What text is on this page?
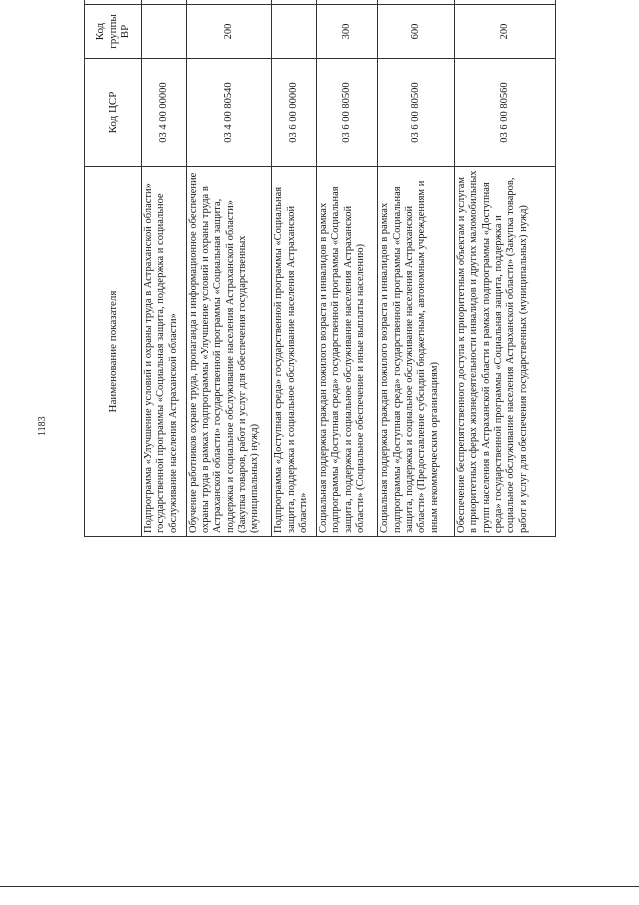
1183
Наименование показателя	Код ЦСР	Код группы ВР			
Подпрограмма «Улучшение условий и охраны труда в Астраханской области» государственной программы «Социальная защита, поддержка и социальное обслуживание населения Астраханской области»	03 4 00 00000				
Обучение работников охране труда, пропаганда и информационное обеспечение охраны труда в рамках подпрограммы «Улучшение условий и охраны труда в Астраханской области» государственной программы «Социальная защита, поддержка и социальное обслуживание населения Астраханской области» (Закупка товаров, работ и услуг для обеспечения государственных (муниципальных) нужд)	03 4 00 80540	200			
Подпрограмма «Доступная среда» государственной программы «Социальная защита, поддержка и социальное обслуживание населения Астраханской области»	03 6 00 00000				
Социальная поддержка граждан пожилого возраста и инвалидов в рамках подпрограммы «Доступная среда» государственной программы «Социальная защита, поддержка и социальное обслуживание населения Астраханской области» (Социальное обеспечение и иные выплаты населению)	03 6 00 80500	300			
Социальная поддержка граждан пожилого возраста и инвалидов в рамках подпрограммы «Доступная среда» государственной программы «Социальная защита, поддержка и социальное обслуживание населения Астраханской области» (Предоставление субсидий бюджетным, автономным учреждениям и иным некоммерческим организациям)	03 6 00 80500	600			
Обеспечение беспрепятственного доступа к приоритетным объектам и услугам в приоритетных сферах жизнедеятельности инвалидов и других маломобильных групп населения в Астраханской области в рамках подпрограммы «Доступная среда» государственной программы «Социальная защита, поддержка и социальное обслуживание населения Астраханской области» (Закупка товаров, работ и услуг для обеспечения государственных (муниципальных) нужд)	03 6 00 80560	200			
